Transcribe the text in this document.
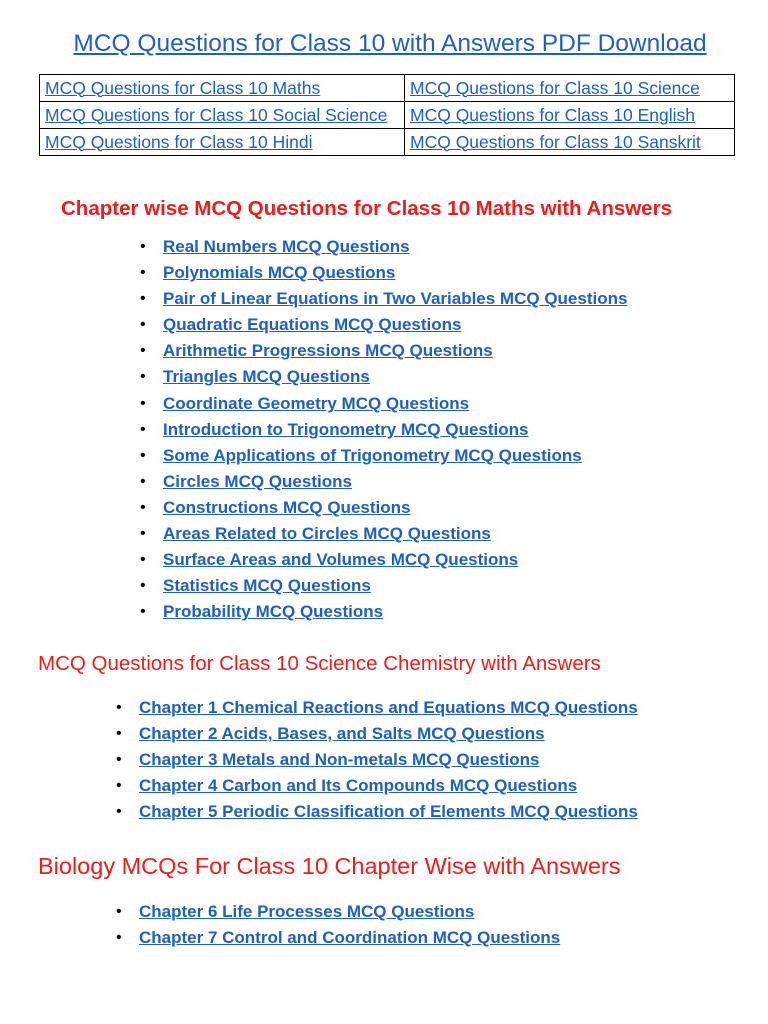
MCQ Questions for Class 10 with Answers PDF Download
MCQ Questions for Class 10 Maths	MCQ Questions for Class 10 Science
MCQ Questions for Class 10 Social Science	MCQ Questions for Class 10 English
MCQ Questions for Class 10 Hindi	MCQ Questions for Class 10 Sanskrit
Chapter wise MCQ Questions for Class 10 Maths with Answers
• Real Numbers MCQ Questions
• Polynomials MCQ Questions
• Pair of Linear Equations in Two Variables MCQ Questions
• Quadratic Equations MCQ Questions
• Arithmetic Progressions MCQ Questions
• Triangles MCQ Questions
• Coordinate Geometry MCQ Questions
• Introduction to Trigonometry MCQ Questions
• Some Applications of Trigonometry MCQ Questions
• Circles MCQ Questions
• Constructions MCQ Questions
• Areas Related to Circles MCQ Questions
• Surface Areas and Volumes MCQ Questions
• Statistics MCQ Questions
• Probability MCQ Questions
MCQ Questions for Class 10 Science Chemistry with Answers
• Chapter 1 Chemical Reactions and Equations MCQ Questions
• Chapter 2 Acids, Bases, and Salts MCQ Questions
• Chapter 3 Metals and Non-metals MCQ Questions
• Chapter 4 Carbon and Its Compounds MCQ Questions
• Chapter 5 Periodic Classification of Elements MCQ Questions
Biology MCQs For Class 10 Chapter Wise with Answers
• Chapter 6 Life Processes MCQ Questions
• Chapter 7 Control and Coordination MCQ Questions
